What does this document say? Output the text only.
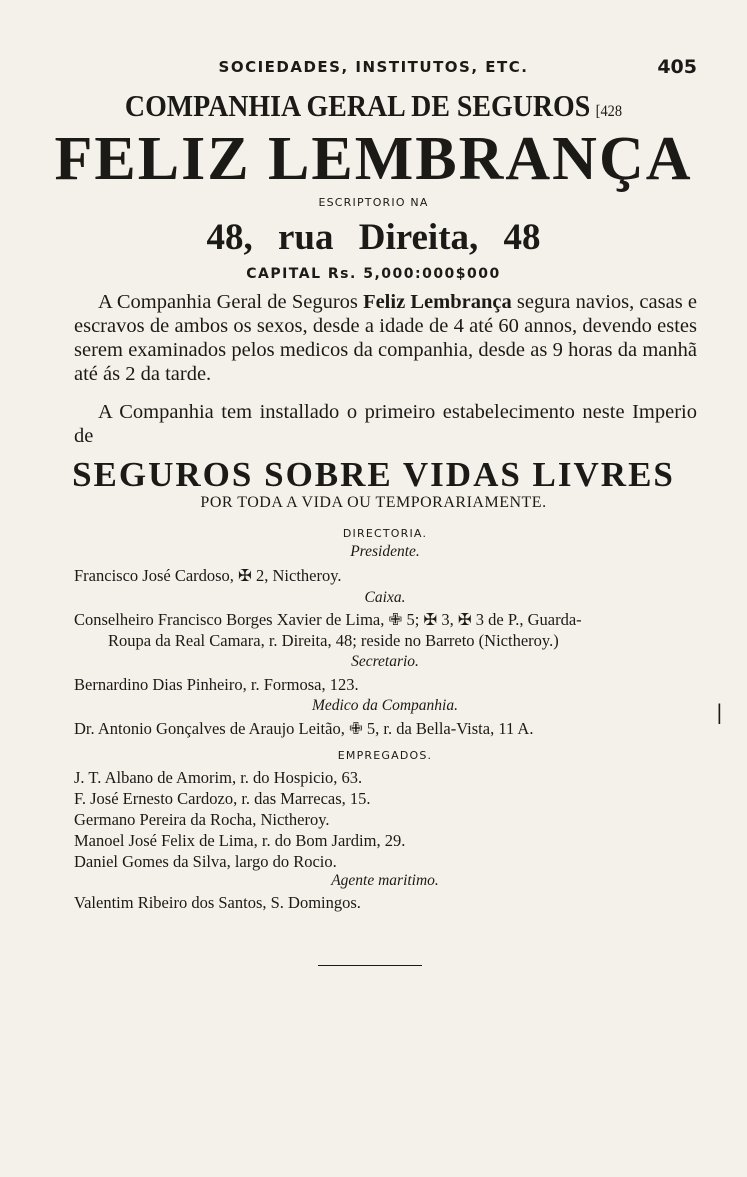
SOCIEDADES, INSTITUTOS, ETC.	405
COMPANHIA GERAL DE SEGUROS [428
FELIZ LEMBRANÇA
ESCRIPTORIO NA
48, rua Direita, 48
CAPITAL Rs. 5,000:000$000
A Companhia Geral de Seguros Feliz Lembrança segura navios, casas e escravos de ambos os sexos, desde a idade de 4 até 60 annos, devendo estes serem examinados pelos medicos da companhia, desde as 9 horas da manhã até ás 2 da tarde.
A Companhia tem installado o primeiro estabelecimento neste Imperio de
SEGUROS SOBRE VIDAS LIVRES
POR TODA A VIDA OU TEMPORARIAMENTE.
DIRECTORIA.
Presidente.
Francisco José Cardoso, ✠ 2, Nictheroy.
Caixa.
Conselheiro Francisco Borges Xavier de Lima, ✙ 5; ✠ 3, ✠ 3 de P., Guarda-
Roupa da Real Camara, r. Direita, 48; reside no Barreto (Nictheroy.)
Secretario.
Bernardino Dias Pinheiro, r. Formosa, 123.
Medico da Companhia.
Dr. Antonio Gonçalves de Araujo Leitão, ✙ 5, r. da Bella-Vista, 11 A.
EMPREGADOS.
J. T. Albano de Amorim, r. do Hospicio, 63.
F. José Ernesto Cardozo, r. das Marrecas, 15.
Germano Pereira da Rocha, Nictheroy.
Manoel José Felix de Lima, r. do Bom Jardim, 29.
Daniel Gomes da Silva, largo do Rocio.
Agente maritimo.
Valentim Ribeiro dos Santos, S. Domingos.
|
